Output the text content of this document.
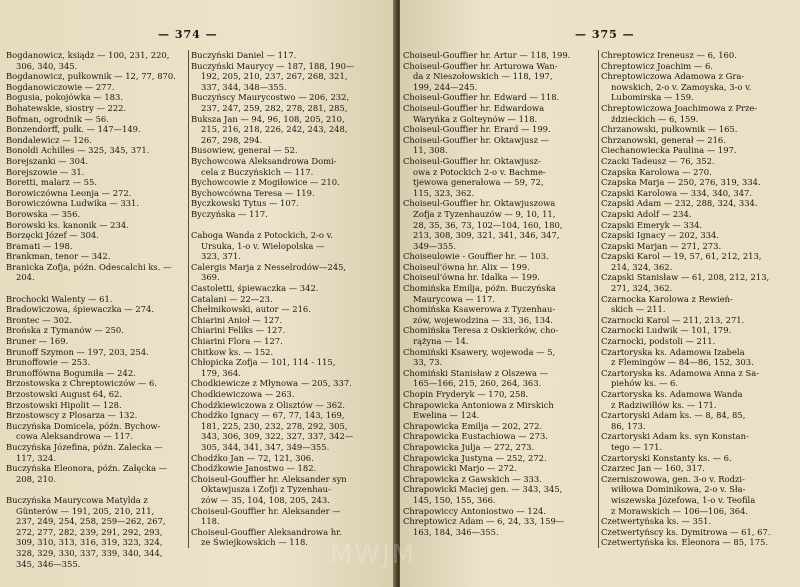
— 374 —
Bogdanowicz, ksiądz — 100, 231, 220,
306, 340, 345.
Bogdanowicz, pułkownik — 12, 77, 870.
Bogdanowiczowie — 277.
Bogusia, pokojówka — 183.
Bohatewskie, siostry — 222.
Bofman, ogrodnik — 56.
Bonzendorff, pułk. — 147—149.
Bondalewicz — 126.
Bonoldi Achilles — 325, 345, 371.
Borejszanki — 304.
Borejszowie — 31.
Boretti, malarz — 55.
Borowiczówna Leonja — 272.
Borowiczówna Ludwika — 331.
Borowska — 356.
Borowski ks. kanonik — 234.
Borzęcki Józef — 304.
Bramati — 198.
Brankman, tenor — 342.
Branicka Zofja, późn. Odescalchi ks. —
204.
Brochocki Walenty — 61.
Bradowiczowa, śpiewaczka — 274.
Brontec — 302.
Brońska z Tymanów — 250.
Bruner — 169.
Brunoff Szymon — 197, 203, 254.
Brunoffowie — 253.
Brunoffówna Bogumiła — 242.
Brzostowska z Chreptowiczów — 6.
Brzostowski August 64, 62.
Brzostowski Hipolit — 128.
Brzostowscy z Plosarza — 132.
Buczyńska Domicela, późn. Bychow-
cowa Aleksandrowa — 117.
Buczyńska Józefina, późn. Zalecka —
117, 324.
Buczyńska Eleonora, późn. Załęcka —
208, 210.
Buczyńska Maurycowa Matylda z
Günterów — 191, 205, 210, 211,
237, 249, 254, 258, 259—262, 267,
272, 277, 282, 239, 291, 292, 293,
309, 310, 313, 316, 319, 323, 324,
328, 329, 330, 337, 339, 340, 344,
345, 346—355.
Buczyński Daniel — 117.
Buczyński Maurycy — 187, 188, 190—
192, 205, 210, 237, 267, 268, 321,
337, 344, 348—355.
Buczyńscy Maurycostwo — 206, 232,
237, 247, 259, 282, 278, 281, 285,
Buksza Jan — 94, 96, 108, 205, 210,
215, 216, 218, 226, 242, 243, 248,
267, 298, 294.
Busowiew, generał — 52.
Bychowcowa Aleksandrowa Domi-
cela z Buczyńskich — 117.
Bychowcowie z Mogiłowice — 210.
Bychowcówna Teresa — 119.
Byczkowski Tytus — 107.
Byczyńska — 117.
Caboga Wanda z Potockich, 2-o v.
Ursuka, 1-o v. Wielopolska —
323, 371.
Calergis Marja z Nesselrodów—245,
369.
Castoletti, śpiewaczka — 342.
Catalani — 22—23.
Chełmikowski, autor — 216.
Chiarini Anioł — 127.
Chiarini Feliks — 127.
Chiarini Flora — 127.
Chitkow ks. — 152.
Chłopicka Zofja — 101, 114 - 115,
179, 364.
Chodkiewicze z Młynowa — 205, 337.
Chodkiewiczowa — 263.
Chodźkiewiczowa z Olisztów — 362.
Chodźko Ignacy — 67, 77, 143, 169,
181, 225, 230, 232, 278, 292, 305,
343, 306, 309, 322, 327, 337, 342—
305, 344, 341, 347, 349—355.
Chodźko Jan — 72, 121, 306.
Chodźkowie Janostwo — 182.
Choiseul-Gouffier hr. Aleksander syn
Oktawjusza i Zofji z Tyzenhau-
zów — 35, 104, 108, 205, 243.
Choiseul-Gouffier hr. Aleksander —
118.
Choiseul-Gouffier Aleksandrowa hr.
ze Świejkowskich — 118.
— 375 —
Choiseul-Gouffier hr. Artur — 118, 199.
Choiseul-Gouffier hr. Arturowa Wan-
da z Nieszołowskich — 118, 197,
199, 244—245.
Choiseul-Gouffier hr. Edward — 118.
Choiseul-Gouffier hr. Edwardowa
Waryńka z Golteynów — 118.
Choiseul-Gouffier hr. Erard — 199.
Choiseul-Gouffier hr. Oktawjusz —
11, 308.
Choiseul-Gouffier hr. Oktawjusz-
owa z Potockich 2-o v. Bachme-
tjewowa generałowa — 59, 72,
115, 323, 362.
Choiseul-Gouffier hr. Oktawjuszowa
Zofja z Tyzenhauzów — 9, 10, 11,
28, 35, 36, 73, 102—104, 160, 180,
213, 308, 309, 321, 341, 346, 347,
349—355.
Choiseulowie - Gouffier hr. — 103.
Choiseul'ówna hr. Alix — 199.
Choiseul'ówna hr. Idalka — 199.
Chomińska Emilja, późn. Buczyńska
Maurycowa — 117.
Chomińska Ksawerowa z Tyzenhau-
zów, wojewodzina — 33, 36, 134.
Chomińska Teresa z Oskierków, cho-
rążyna — 14.
Chomiński Ksawery, wojewoda — 5,
33, 73.
Chomiński Stanisław z Olszewa —
165—166, 215, 260, 264, 363.
Chopin Fryderyk — 170, 258.
Chrapowicka Antoniowa z Mirskich
Ewelina — 124.
Chrapowicka Emilja — 202, 272.
Chrapowicka Eustachiowa — 273.
Chrapowicka Julja — 272, 273.
Chrapowicka Justyna — 252, 272.
Chrapowicki Marjo — 272.
Chrapowicka z Gawskich — 333.
Chrapowicki Maciej gen. — 343, 345,
145, 150, 155, 366.
Chrapowiccy Antoniostwo — 124.
Chreptowicz Adam — 6, 24, 33, 159—
163, 184, 346—355.
Chreptowicz Ireneusz — 6, 160.
Chreptowicz Joachim — 6.
Chreptowiczowa Adamowa z Gra-
nowskich, 2-o v. Zamoyska, 3-o v.
Lubomirska — 159.
Chreptowiczowa Joachimowa z Prze-
ździeckich — 6, 159.
Chrzanowski, pułkownik — 165.
Chrzanowski, generał — 216.
Ciechanowiecka Paulina — 197.
Czacki Tadeusz — 76, 352.
Czapska Karolowa — 270.
Czapska Marja — 250, 276, 319, 334.
Czapski Karolowa — 334, 340, 347.
Czapski Adam — 232, 288, 324, 334.
Czapski Adolf — 234.
Czapski Emeryk — 334.
Czapski Ignacy — 202, 334.
Czapski Marjan — 271, 273.
Czapski Karol — 19, 57, 61, 212, 213,
214, 324, 362.
Czapski Stanisław — 61, 208, 212, 213,
271, 324, 362.
Czarnocka Karolowa z Rewień-
skich — 211.
Czarnocki Karol — 211, 213, 271.
Czarnocki Ludwik — 101, 179.
Czarnocki, podstoli — 211.
Czartoryska ks. Adamowa Izabela
z Flemingów — 84—86, 152, 303.
Czartoryska ks. Adamowa Anna z Sa-
piehów ks. — 6.
Czartoryska ks. Adamowa Wanda
z Radziwiłłów ks. — 171.
Czartoryski Adam ks. — 8, 84, 85,
86, 173.
Czartoryski Adam ks. syn Konstan-
tego — 171.
Czartoryski Konstanty ks. — 6.
Czarzec Jan — 160, 317.
Czerniszowowa, gen. 3-o v. Rodzi-
wiłłowa Dominikowa, 2-o v. Sła-
wiszewska Józefowa, 1-o v. Teofila
z Morawskich — 106—106, 364.
Czetwertyńska ks. — 351.
Czetwertyńscy ks. Dymitrowa — 61, 67.
Czetwertyńska ks. Eleonora — 85, 175.
MWJM
